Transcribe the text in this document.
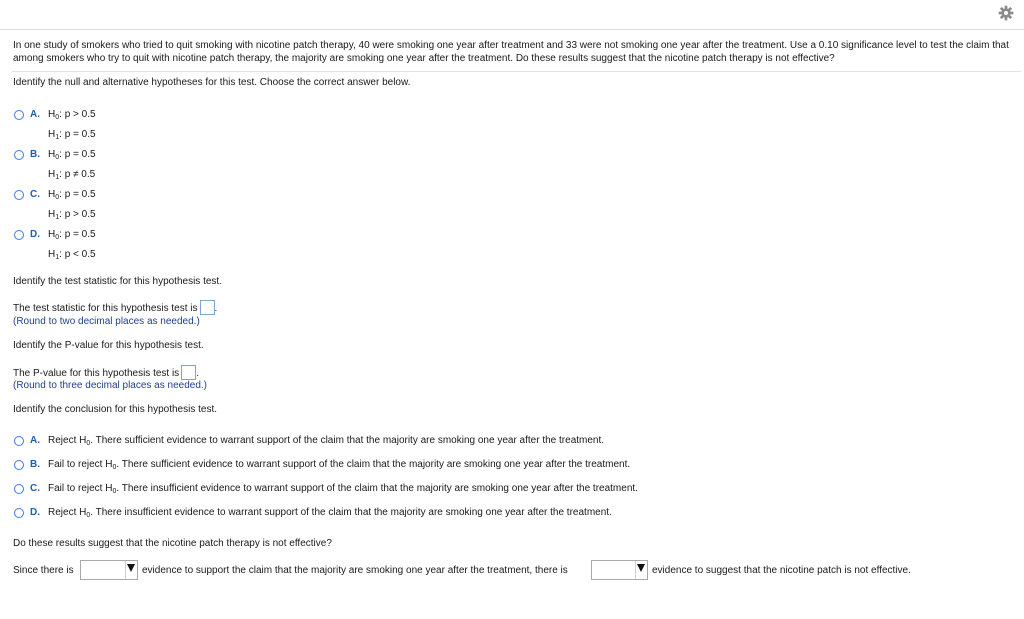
In one study of smokers who tried to quit smoking with nicotine patch therapy, 40 were smoking one year after treatment and 33 were not smoking one year after the treatment. Use a 0.10 significance level to test the claim that among smokers who try to quit with nicotine patch therapy, the majority are smoking one year after the treatment. Do these results suggest that the nicotine patch therapy is not effective?
Identify the null and alternative hypotheses for this test. Choose the correct answer below.
A. $H_0$: p > 0.5
$H_1$: p = 0.5
B. $H_0$: p = 0.5
$H_1$: p ≠ 0.5
C. $H_0$: p = 0.5
$H_1$: p > 0.5
D. $H_0$: p = 0.5
$H_1$: p < 0.5
Identify the test statistic for this hypothesis test.
The test statistic for this hypothesis test is .
(Round to two decimal places as needed.)
Identify the P-value for this hypothesis test.
The P-value for this hypothesis test is .
(Round to three decimal places as needed.)
Identify the conclusion for this hypothesis test.
A. Reject $H_0$. There sufficient evidence to warrant support of the claim that the majority are smoking one year after the treatment.
B. Fail to reject $H_0$. There sufficient evidence to warrant support of the claim that the majority are smoking one year after the treatment.
C. Fail to reject $H_0$. There insufficient evidence to warrant support of the claim that the majority are smoking one year after the treatment.
D. Reject $H_0$. There insufficient evidence to warrant support of the claim that the majority are smoking one year after the treatment.
Do these results suggest that the nicotine patch therapy is not effective?
Since there is	evidence to support the claim that the majority are smoking one year after the treatment, there is	evidence to suggest that the nicotine patch is not effective.
